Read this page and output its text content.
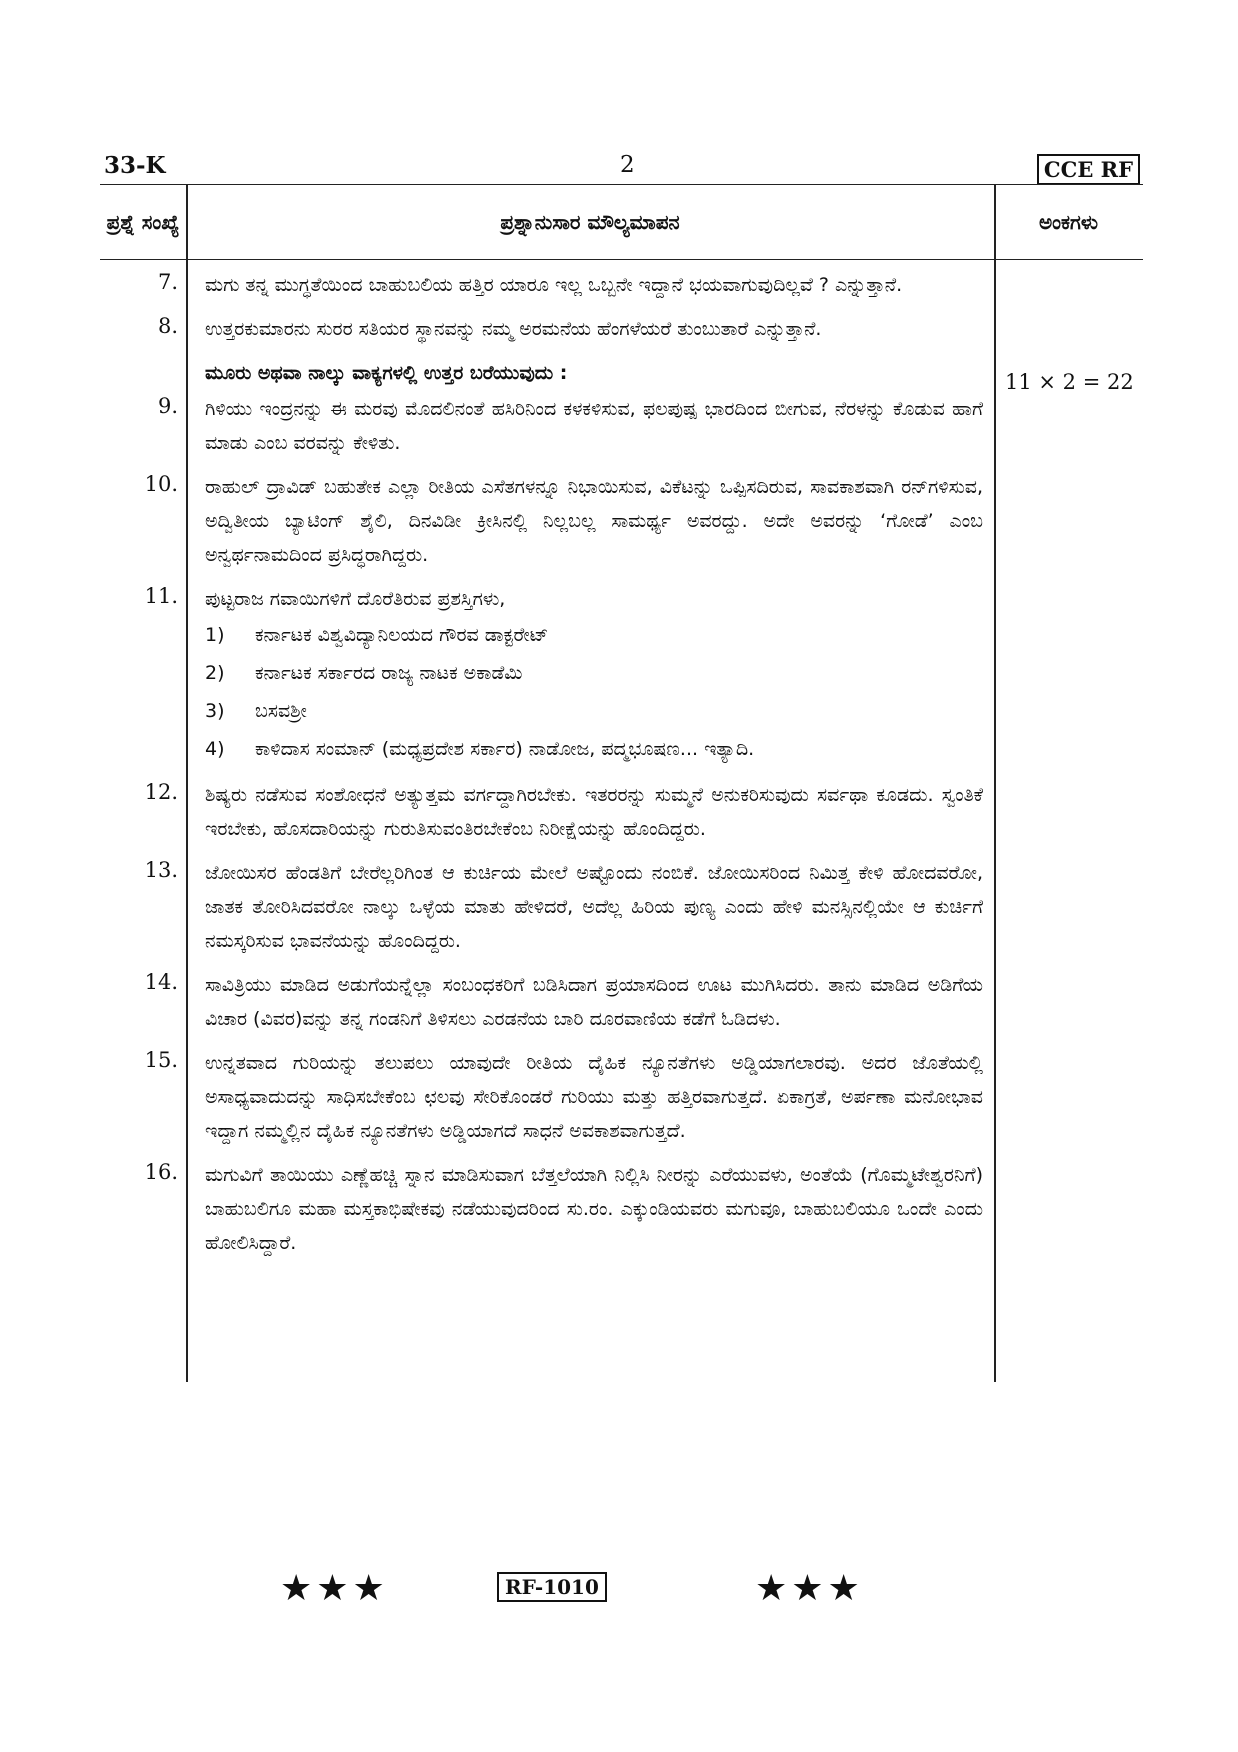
33-K	2	CCE RF
ಪ್ರಶ್ನೆ ಸಂಖ್ಯೆ	ಪ್ರಶ್ನಾನುಸಾರ ಮೌಲ್ಯಮಾಪನ	ಅಂಕಗಳು
7. ಮಗು ತನ್ನ ಮುಗ್ಧತೆಯಿಂದ ಬಾಹುಬಲಿಯ ಹತ್ತಿರ ಯಾರೂ ಇಲ್ಲ ಒಬ್ಬನೇ ಇದ್ದಾನೆ ಭಯವಾಗುವುದಿಲ್ಲವೆ ? ಎನ್ನುತ್ತಾನೆ.
8. ಉತ್ತರಕುಮಾರನು ಸುರರ ಸತಿಯರ ಸ್ಥಾನವನ್ನು ನಮ್ಮ ಅರಮನೆಯ ಹೆಂಗಳೆಯರೆ ತುಂಬುತಾರೆ ಎನ್ನುತ್ತಾನೆ.
ಮೂರು ಅಥವಾ ನಾಲ್ಕು ವಾಕ್ಯಗಳಲ್ಲಿ ಉತ್ತರ ಬರೆಯುವುದು :	11 × 2 = 22
9. ಗಿಳಿಯು ಇಂದ್ರನನ್ನು ಈ ಮರವು ಮೊದಲಿನಂತೆ ಹಸಿರಿನಿಂದ ಕಳಕಳಿಸುವ, ಫಲಪುಷ್ಪ ಭಾರದಿಂದ ಬೀಗುವ, ನೆರಳನ್ನು ಕೊಡುವ ಹಾಗೆ ಮಾಡು ಎಂಬ ವರವನ್ನು ಕೇಳಿತು.
10. ರಾಹುಲ್ ದ್ರಾವಿಡ್ ಬಹುತೇಕ ಎಲ್ಲಾ ರೀತಿಯ ಎಸೆತಗಳನ್ನೂ ನಿಭಾಯಿಸುವ, ವಿಕೆಟನ್ನು ಒಪ್ಪಿಸದಿರುವ, ಸಾವಕಾಶವಾಗಿ ರನ್‌ಗಳಿಸುವ, ಅದ್ವಿತೀಯ ಬ್ಯಾಟಿಂಗ್ ಶೈಲಿ, ದಿನವಿಡೀ ಕ್ರೀಸಿನಲ್ಲಿ ನಿಲ್ಲಬಲ್ಲ ಸಾಮರ್ಥ್ಯ ಅವರದ್ದು. ಅದೇ ಅವರನ್ನು ‘ಗೋಡೆ’ ಎಂಬ ಅನ್ವರ್ಥನಾಮದಿಂದ ಪ್ರಸಿದ್ಧರಾಗಿದ್ದರು.
11. ಪುಟ್ಟರಾಜ ಗವಾಯಿಗಳಿಗೆ ದೊರೆತಿರುವ ಪ್ರಶಸ್ತಿಗಳು,
1)	ಕರ್ನಾಟಕ ವಿಶ್ವವಿದ್ಯಾನಿಲಯದ ಗೌರವ ಡಾಕ್ಟರೇಟ್
2)	ಕರ್ನಾಟಕ ಸರ್ಕಾರದ ರಾಜ್ಯ ನಾಟಕ ಅಕಾಡೆಮಿ
3)	ಬಸವಶ್ರೀ
4)	ಕಾಳಿದಾಸ ಸಂಮಾನ್ (ಮಧ್ಯಪ್ರದೇಶ ಸರ್ಕಾರ) ನಾಡೋಜ, ಪದ್ಮಭೂಷಣ... ಇತ್ಯಾದಿ.
12. ಶಿಷ್ಯರು ನಡೆಸುವ ಸಂಶೋಧನೆ ಅತ್ಯುತ್ತಮ ವರ್ಗದ್ದಾಗಿರಬೇಕು. ಇತರರನ್ನು ಸುಮ್ಮನೆ ಅನುಕರಿಸುವುದು ಸರ್ವಥಾ ಕೂಡದು. ಸ್ವಂತಿಕೆ ಇರಬೇಕು, ಹೊಸದಾರಿಯನ್ನು ಗುರುತಿಸುವಂತಿರಬೇಕೆಂಬ ನಿರೀಕ್ಷೆಯನ್ನು ಹೊಂದಿದ್ದರು.
13. ಜೋಯಿಸರ ಹೆಂಡತಿಗೆ ಬೇರೆಲ್ಲರಿಗಿಂತ ಆ ಕುರ್ಚಿಯ ಮೇಲೆ ಅಷ್ಟೊಂದು ನಂಬಿಕೆ. ಜೋಯಿಸರಿಂದ ನಿಮಿತ್ತ ಕೇಳಿ ಹೋದವರೋ, ಜಾತಕ ತೋರಿಸಿದವರೋ ನಾಲ್ಕು ಒಳ್ಳೆಯ ಮಾತು ಹೇಳಿದರೆ, ಅದೆಲ್ಲ ಹಿರಿಯ ಪುಣ್ಯ ಎಂದು ಹೇಳಿ ಮನಸ್ಸಿನಲ್ಲಿಯೇ ಆ ಕುರ್ಚಿಗೆ ನಮಸ್ಕರಿಸುವ ಭಾವನೆಯನ್ನು ಹೊಂದಿದ್ದರು.
14. ಸಾವಿತ್ರಿಯು ಮಾಡಿದ ಅಡುಗೆಯನ್ನೆಲ್ಲಾ ಸಂಬಂಧಕರಿಗೆ ಬಡಿಸಿದಾಗ ಪ್ರಯಾಸದಿಂದ ಊಟ ಮುಗಿಸಿದರು. ತಾನು ಮಾಡಿದ ಅಡಿಗೆಯ ವಿಚಾರ (ವಿವರ)ವನ್ನು ತನ್ನ ಗಂಡನಿಗೆ ತಿಳಿಸಲು ಎರಡನೆಯ ಬಾರಿ ದೂರವಾಣಿಯ ಕಡೆಗೆ ಓಡಿದಳು.
15. ಉನ್ನತವಾದ ಗುರಿಯನ್ನು ತಲುಪಲು ಯಾವುದೇ ರೀತಿಯ ದೈಹಿಕ ನ್ಯೂನತೆಗಳು ಅಡ್ಡಿಯಾಗಲಾರವು. ಅದರ ಜೊತೆಯಲ್ಲಿ ಅಸಾಧ್ಯವಾದುದನ್ನು ಸಾಧಿಸಬೇಕೆಂಬ ಛಲವು ಸೇರಿಕೊಂಡರೆ ಗುರಿಯು ಮತ್ತು ಹತ್ತಿರವಾಗುತ್ತದೆ. ಏಕಾಗ್ರತೆ, ಅರ್ಪಣಾ ಮನೋಭಾವ ಇದ್ದಾಗ ನಮ್ಮಲ್ಲಿನ ದೈಹಿಕ ನ್ಯೂನತೆಗಳು ಅಡ್ಡಿಯಾಗದೆ ಸಾಧನೆ ಅವಕಾಶವಾಗುತ್ತದೆ.
16. ಮಗುವಿಗೆ ತಾಯಿಯು ಎಣ್ಣೆಹಚ್ಚಿ ಸ್ನಾನ ಮಾಡಿಸುವಾಗ ಬೆತ್ತಲೆಯಾಗಿ ನಿಲ್ಲಿಸಿ ನೀರನ್ನು ಎರೆಯುವಳು, ಅಂತೆಯೆ (ಗೊಮ್ಮಟೇಶ್ವರನಿಗೆ) ಬಾಹುಬಲಿಗೂ ಮಹಾ ಮಸ್ತಕಾಭಿಷೇಕವು ನಡೆಯುವುದರಿಂದ ಸು.ರಂ. ಎಕ್ಕುಂಡಿಯವರು ಮಗುವೂ, ಬಾಹುಬಲಿಯೂ ಒಂದೇ ಎಂದು ಹೋಲಿಸಿದ್ದಾರೆ.
★★★	RF-1010	★★★
